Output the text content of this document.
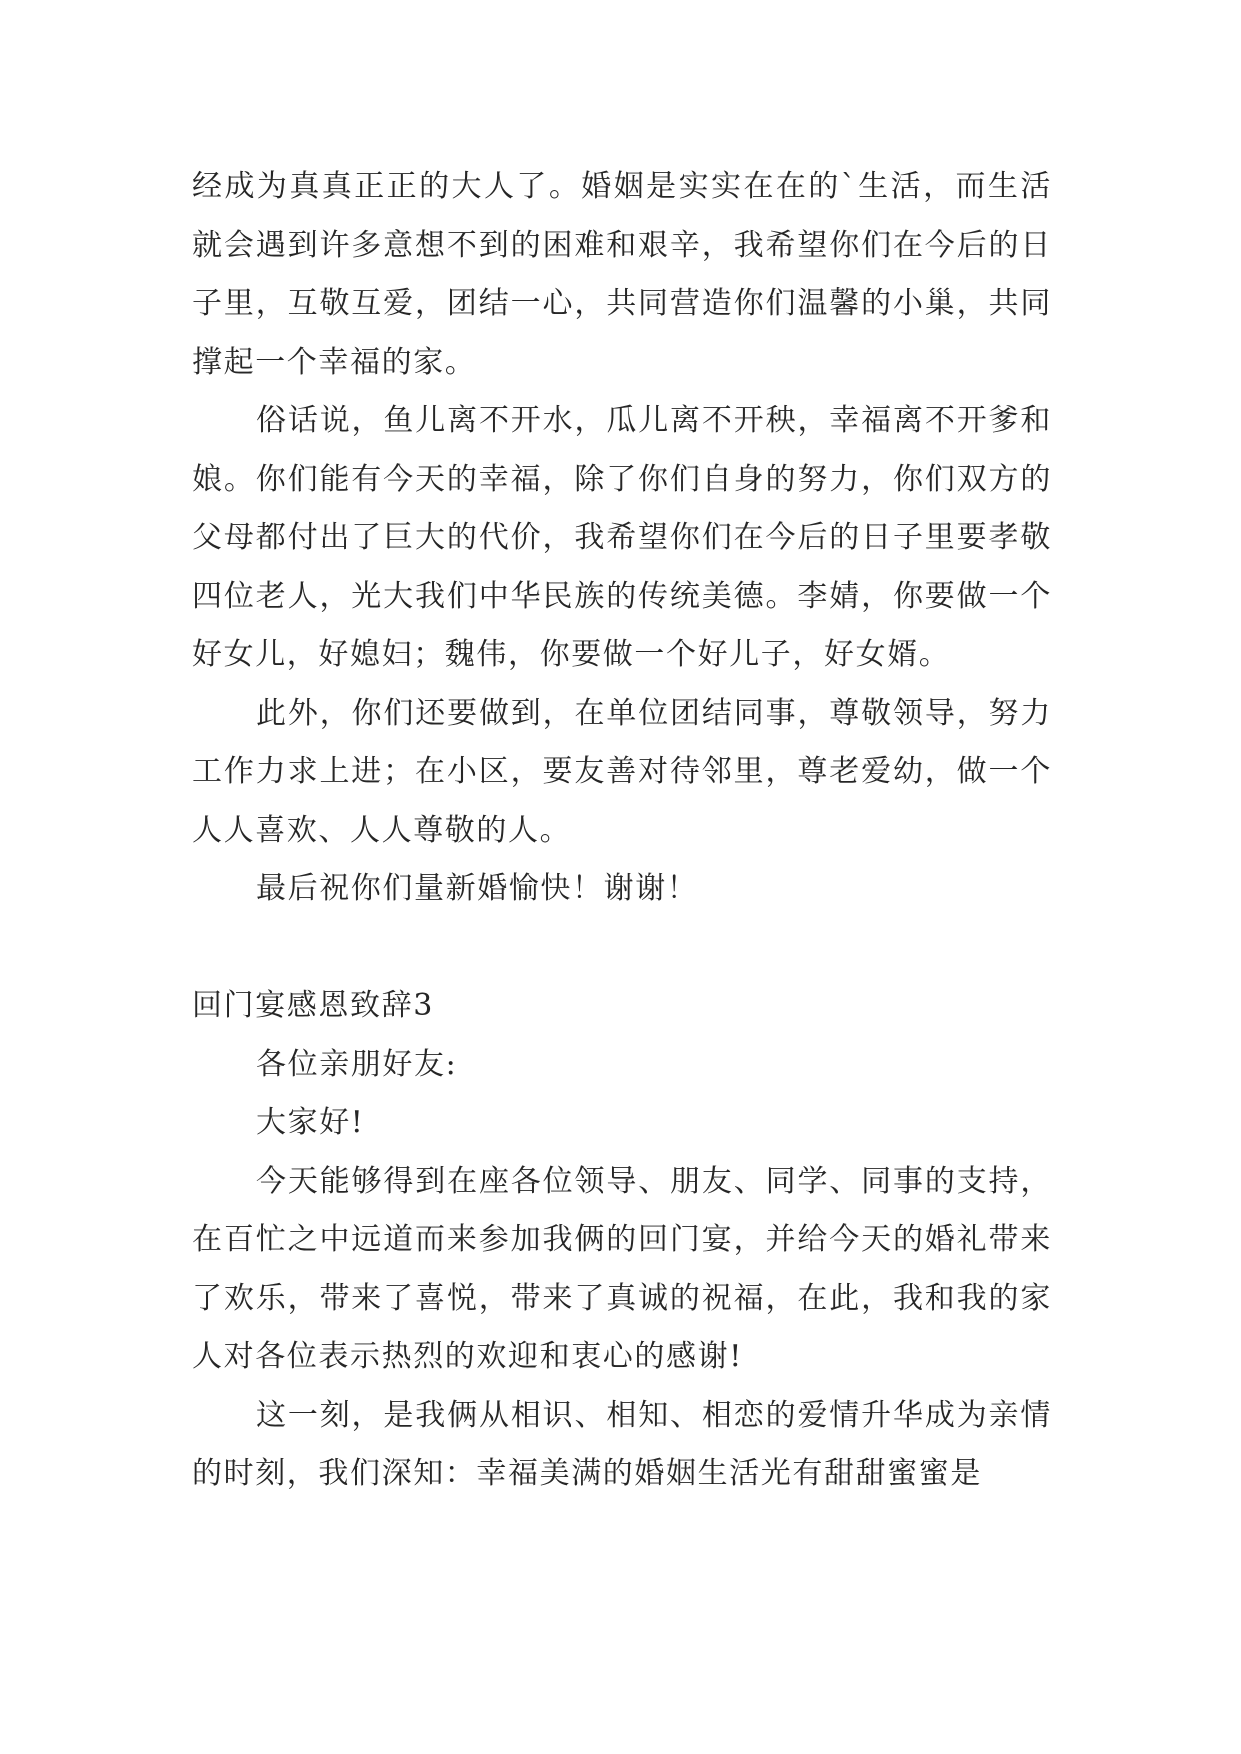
经成为真真正正的大人了。婚姻是实实在在的`生活，而生活就会遇到许多意想不到的困难和艰辛，我希望你们在今后的日子里，互敬互爱，团结一心，共同营造你们温馨的小巢，共同撑起一个幸福的家。

俗话说，鱼儿离不开水，瓜儿离不开秧，幸福离不开爹和娘。你们能有今天的幸福，除了你们自身的努力，你们双方的父母都付出了巨大的代价，我希望你们在今后的日子里要孝敬四位老人，光大我们中华民族的传统美德。李婧，你要做一个好女儿，好媳妇；魏伟，你要做一个好儿子，好女婿。

此外，你们还要做到，在单位团结同事，尊敬领导，努力工作力求上进；在小区，要友善对待邻里，尊老爱幼，做一个人人喜欢、人人尊敬的人。

最后祝你们量新婚愉快！谢谢！

回门宴感恩致辞3

各位亲朋好友:

大家好!

今天能够得到在座各位领导、朋友、同学、同事的支持，在百忙之中远道而来参加我俩的回门宴，并给今天的婚礼带来了欢乐，带来了喜悦，带来了真诚的祝福，在此，我和我的家人对各位表示热烈的欢迎和衷心的感谢!

这一刻，是我俩从相识、相知、相恋的爱情升华成为亲情的时刻，我们深知：幸福美满的婚姻生活光有甜甜蜜蜜是
